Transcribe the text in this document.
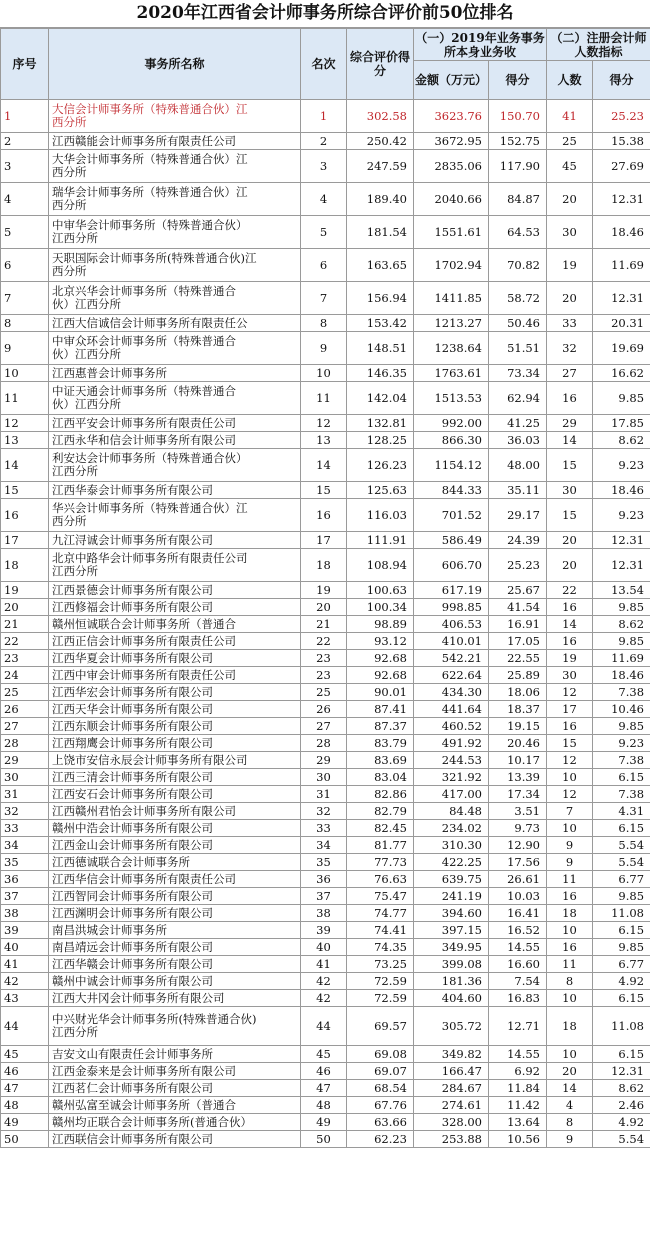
2020年江西省会计师事务所综合评价前50位排名
序号	事务所名称	名次	综合评价得分	（一）2019年业务事务所本身业务收		（二）注册会计师人数指标	
				金额（万元）	得分	人数	得分
1	大信会计师事务所（特殊普通合伙）江
西分所	1	302.58	3623.76	150.70	41	25.23
2	江西赣能会计师事务所有限责任公司	2	250.42	3672.95	152.75	25	15.38
3	大华会计师事务所（特殊普通合伙）江
西分所	3	247.59	2835.06	117.90	45	27.69
4	瑞华会计师事务所（特殊普通合伙）江
西分所	4	189.40	2040.66	84.87	20	12.31
5	中审华会计师事务所（特殊普通合伙）
江西分所	5	181.54	1551.61	64.53	30	18.46
6	天职国际会计师事务所(特殊普通合伙)江
西分所	6	163.65	1702.94	70.82	19	11.69
7	北京兴华会计师事务所（特殊普通合
伙）江西分所	7	156.94	1411.85	58.72	20	12.31
8	江西大信诚信会计师事务所有限责任公	8	153.42	1213.27	50.46	33	20.31
9	中审众环会计师事务所（特殊普通合
伙）江西分所	9	148.51	1238.64	51.51	32	19.69
10	江西惠普会计师事务所	10	146.35	1763.61	73.34	27	16.62
11	中证天通会计师事务所（特殊普通合
伙）江西分所	11	142.04	1513.53	62.94	16	9.85
12	江西平安会计师事务所有限责任公司	12	132.81	992.00	41.25	29	17.85
13	江西永华和信会计师事务所有限公司	13	128.25	866.30	36.03	14	8.62
14	利安达会计师事务所（特殊普通合伙）
江西分所	14	126.23	1154.12	48.00	15	9.23
15	江西华泰会计师事务所有限公司	15	125.63	844.33	35.11	30	18.46
16	华兴会计师事务所（特殊普通合伙）江
西分所	16	116.03	701.52	29.17	15	9.23
17	九江浔诚会计师事务所有限公司	17	111.91	586.49	24.39	20	12.31
18	北京中路华会计师事务所有限责任公司
江西分所	18	108.94	606.70	25.23	20	12.31
19	江西景德会计师事务所有限公司	19	100.63	617.19	25.67	22	13.54
20	江西修福会计师事务所有限公司	20	100.34	998.85	41.54	16	9.85
21	赣州恒诚联合会计师事务所（普通合	21	98.89	406.53	16.91	14	8.62
22	江西正信会计师事务所有限责任公司	22	93.12	410.01	17.05	16	9.85
23	江西华夏会计师事务所有限公司	23	92.68	542.21	22.55	19	11.69
24	江西中审会计师事务所有限责任公司	23	92.68	622.64	25.89	30	18.46
25	江西华宏会计师事务所有限公司	25	90.01	434.30	18.06	12	7.38
26	江西天华会计师事务所有限公司	26	87.41	441.64	18.37	17	10.46
27	江西东顺会计师事务所有限公司	27	87.37	460.52	19.15	16	9.85
28	江西翔鹰会计师事务所有限公司	28	83.79	491.92	20.46	15	9.23
29	上饶市安信永辰会计师事务所有限公司	29	83.69	244.53	10.17	12	7.38
30	江西三清会计师事务所有限公司	30	83.04	321.92	13.39	10	6.15
31	江西安石会计师事务所有限公司	31	82.86	417.00	17.34	12	7.38
32	江西赣州君怡会计师事务所有限公司	32	82.79	84.48	3.51	7	4.31
33	赣州中浩会计师事务所有限公司	33	82.45	234.02	9.73	10	6.15
34	江西金山会计师事务所有限公司	34	81.77	310.30	12.90	9	5.54
35	江西德诚联合会计师事务所	35	77.73	422.25	17.56	9	5.54
36	江西华信会计师事务所有限责任公司	36	76.63	639.75	26.61	11	6.77
37	江西智同会计师事务所有限公司	37	75.47	241.19	10.03	16	9.85
38	江西渊明会计师事务所有限公司	38	74.77	394.60	16.41	18	11.08
39	南昌洪城会计师事务所	39	74.41	397.15	16.52	10	6.15
40	南昌靖远会计师事务所有限公司	40	74.35	349.95	14.55	16	9.85
41	江西华赣会计师事务所有限公司	41	73.25	399.08	16.60	11	6.77
42	赣州中诚会计师事务所有限公司	42	72.59	181.36	7.54	8	4.92
43	江西大井冈会计师事务所有限公司	42	72.59	404.60	16.83	10	6.15
44	中兴财光华会计师事务所(特殊普通合伙)
江西分所	44	69.57	305.72	12.71	18	11.08
45	吉安文山有限责任会计师事务所	45	69.08	349.82	14.55	10	6.15
46	江西金泰来是会计师事务所有限公司	46	69.07	166.47	6.92	20	12.31
47	江西茗仁会计师事务所有限公司	47	68.54	284.67	11.84	14	8.62
48	赣州弘富至诚会计师事务所（普通合	48	67.76	274.61	11.42	4	2.46
49	赣州均正联合会计师事务所(普通合伙）	49	63.66	328.00	13.64	8	4.92
50	江西联信会计师事务所有限公司	50	62.23	253.88	10.56	9	5.54
